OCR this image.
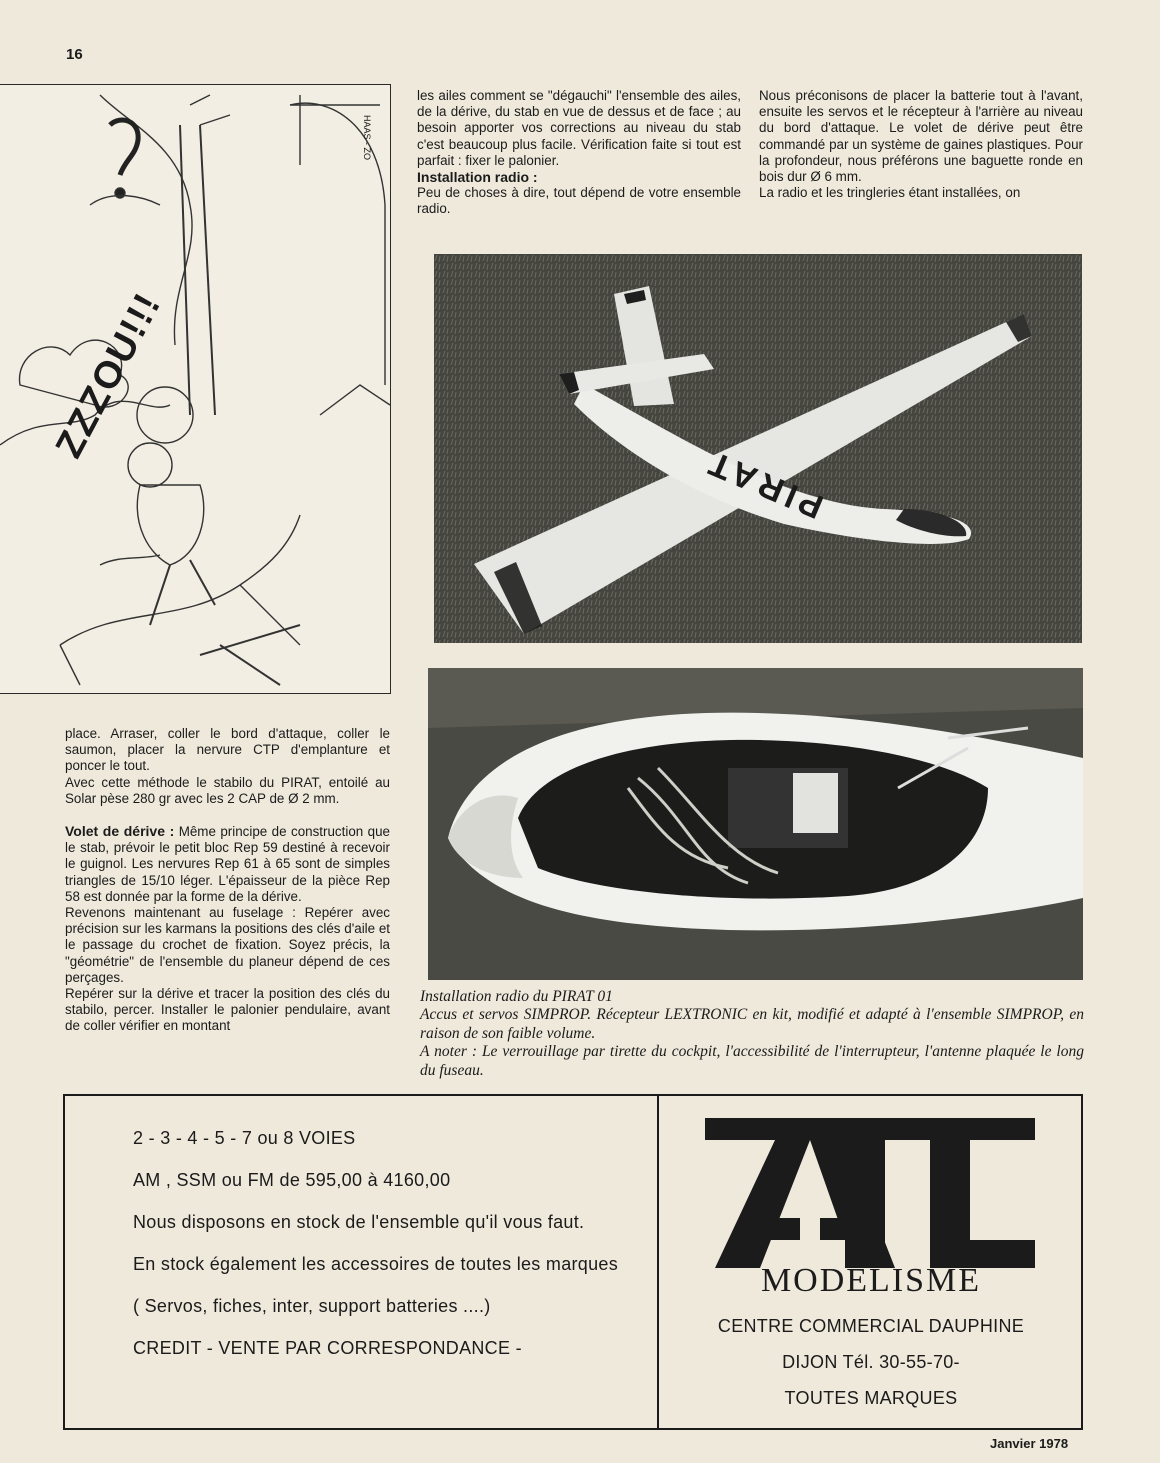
16
ZZZOU!!!
HAAS - ZO

les ailes comment se "dégauchi" l'ensemble des ailes, de la dérive, du stab en vue de dessus et de face ; au besoin apporter vos corrections au niveau du stab c'est beaucoup plus facile. Vérification faite si tout est parfait : fixer le palonier.

Installation radio :

Peu de choses à dire, tout dépend de votre ensemble radio.

Nous préconisons de placer la batterie tout à l'avant, ensuite les servos et le récepteur à l'arrière au niveau du bord d'attaque. Le volet de dérive peut être commandé par un système de gaines plastiques. Pour la profondeur, nous préférons une baguette ronde en bois dur Ø 6 mm.

La radio et les tringleries étant installées, on

PIRAT

Installation radio du PIRAT 01

Accus et servos SIMPROP. Récepteur LEXTRONIC en kit, modifié et adapté à l'ensemble SIMPROP, en raison de son faible volume.

A noter : Le verrouillage par tirette du cockpit, l'accessibilité de l'interrupteur, l'antenne plaquée le long du fuseau.

place. Arraser, coller le bord d'attaque, coller le saumon, placer la nervure CTP d'emplanture et poncer le tout.

Avec cette méthode le stabilo du PIRAT, entoilé au Solar pèse 280 gr avec les 2 CAP de Ø 2 mm.

Volet de dérive : Même principe de construction que le stab, prévoir le petit bloc Rep 59 destiné à recevoir le guignol. Les nervures Rep 61 à 65 sont de simples triangles de 15/10 léger. L'épaisseur de la pièce Rep 58 est donnée par la forme de la dérive.

Revenons maintenant au fuselage : Repérer avec précision sur les karmans la positions des clés d'aile et le passage du crochet de fixation. Soyez précis, la "géométrie" de l'ensemble du planeur dépend de ces perçages.

Repérer sur la dérive et tracer la position des clés du stabilo, percer. Installer le palonier pendulaire, avant de coller vérifier en montant

2 - 3 - 4 - 5 - 7 ou 8 VOIES
AM , SSM ou FM de 595,00 à 4160,00
Nous disposons en stock de l'ensemble qu'il vous faut.
En stock également les accessoires de toutes les marques
( Servos, fiches, inter, support batteries ....)
CREDIT - VENTE PAR CORRESPONDANCE -
MODELISME
CENTRE COMMERCIAL DAUPHINE
DIJON Tél. 30-55-70-
TOUTES MARQUES
Janvier 1978
